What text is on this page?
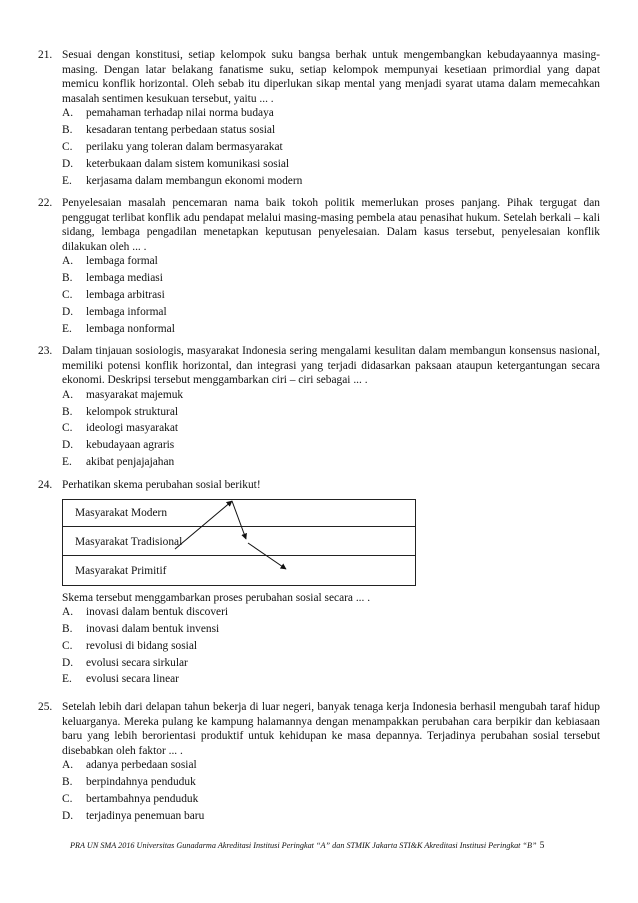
21. Sesuai dengan konstitusi, setiap kelompok suku bangsa berhak untuk mengembangkan kebudayaannya masing-masing. Dengan latar belakang fanatisme suku, setiap kelompok mempunyai kesetiaan primordial yang dapat memicu konflik horizontal. Oleh sebab itu diperlukan sikap mental yang menjadi syarat utama dalam memecahkan masalah sentimen kesukuan tersebut, yaitu ... .
A.	pemahaman terhadap nilai norma budaya
B.	kesadaran tentang perbedaan status sosial
C.	perilaku yang toleran dalam bermasyarakat
D.	keterbukaan dalam sistem komunikasi sosial
E.	kerjasama dalam membangun ekonomi modern
22. Penyelesaian masalah pencemaran nama baik tokoh politik memerlukan proses panjang. Pihak tergugat dan penggugat terlibat konflik adu pendapat melalui masing-masing pembela atau penasihat hukum. Setelah berkali – kali sidang, lembaga pengadilan menetapkan keputusan penyelesaian. Dalam kasus tersebut, penyelesaian konflik dilakukan oleh ... .
A.	lembaga formal
B.	lembaga mediasi
C.	lembaga arbitrasi
D.	lembaga informal
E.	lembaga nonformal
23. Dalam tinjauan sosiologis, masyarakat Indonesia sering mengalami kesulitan dalam membangun konsensus nasional, memiliki potensi konflik horizontal, dan integrasi yang terjadi didasarkan paksaan ataupun ketergantungan secara ekonomi. Deskripsi tersebut menggambarkan ciri – ciri sebagai ... .
A.	masyarakat majemuk
B.	kelompok struktural
C.	ideologi masyarakat
D.	kebudayaan agraris
E.	akibat penjajajahan
24. Perhatikan skema perubahan sosial berikut!
Masyarakat Modern
Masyarakat Tradisional
Masyarakat Primitif
Skema tersebut menggambarkan proses perubahan sosial secara ... .
A.	inovasi dalam bentuk discoveri
B.	inovasi dalam bentuk invensi
C.	revolusi di bidang sosial
D.	evolusi secara sirkular
E.	evolusi secara linear
25. Setelah lebih dari delapan tahun bekerja di luar negeri, banyak tenaga kerja Indonesia berhasil mengubah taraf hidup keluarganya. Mereka pulang ke kampung halamannya dengan menampakkan perubahan cara berpikir dan kebiasaan baru yang lebih berorientasi produktif untuk kehidupan ke masa depannya. Terjadinya perubahan sosial tersebut disebabkan oleh faktor ... .
A.	adanya perbedaan sosial
B.	berpindahnya penduduk
C.	bertambahnya penduduk
D.	terjadinya penemuan baru
PRA UN SMA 2016 Universitas Gunadarma Akreditasi Institusi Peringkat “A” dan STMIK Jakarta STI&K Akreditasi Institusi Peringkat “B” 5
